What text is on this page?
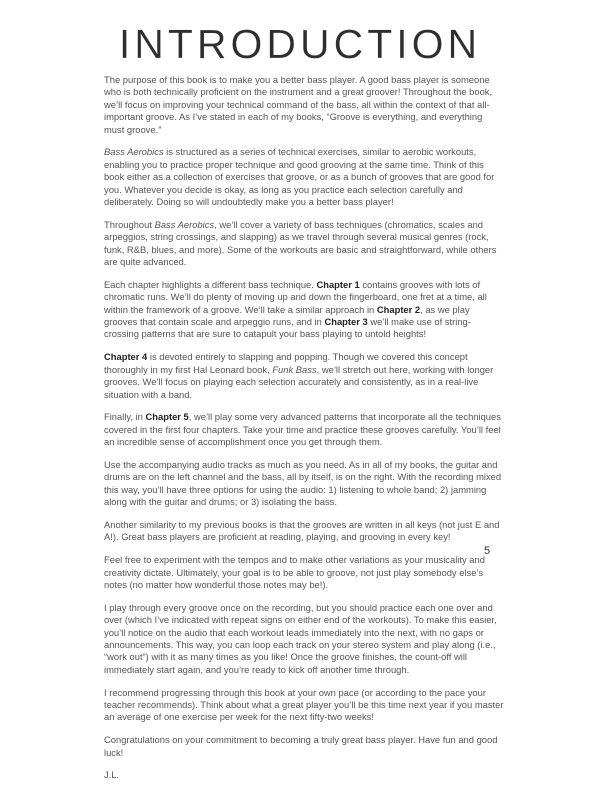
INTRODUCTION

The purpose of this book is to make you a better bass player. A good bass player is someone who is both technically proficient on the instrument and a great groover! Throughout the book, we’ll focus on improving your technical command of the bass, all within the context of that all-important groove. As I’ve stated in each of my books, “Groove is everything, and everything must groove.”

Bass Aerobics is structured as a series of technical exercises, similar to aerobic workouts, enabling you to practice proper technique and good grooving at the same time. Think of this book either as a collection of exercises that groove, or as a bunch of grooves that are good for you. Whatever you decide is okay, as long as you practice each selection carefully and deliberately. Doing so will undoubtedly make you a better bass player!

Throughout Bass Aerobics, we’ll cover a variety of bass techniques (chromatics, scales and arpeggios, string crossings, and slapping) as we travel through several musical genres (rock, funk, R&B, blues, and more). Some of the workouts are basic and straightforward, while others are quite advanced.

Each chapter highlights a different bass technique. Chapter 1 contains grooves with lots of chromatic runs. We’ll do plenty of moving up and down the fingerboard, one fret at a time, all within the framework of a groove. We’ll take a similar approach in Chapter 2, as we play grooves that contain scale and arpeggio runs, and in Chapter 3 we’ll make use of string-crossing patterns that are sure to catapult your bass playing to untold heights!

Chapter 4 is devoted entirely to slapping and popping. Though we covered this concept thoroughly in my first Hal Leonard book, Funk Bass, we’ll stretch out here, working with longer grooves. We’ll focus on playing each selection accurately and consistently, as in a real-live situation with a band.

Finally, in Chapter 5, we’ll play some very advanced patterns that incorporate all the techniques covered in the first four chapters. Take your time and practice these grooves carefully. You’ll feel an incredible sense of accomplishment once you get through them.

Use the accompanying audio tracks as much as you need. As in all of my books, the guitar and drums are on the left channel and the bass, all by itself, is on the right. With the recording mixed this way, you’ll have three options for using the audio: 1) listening to whole band; 2) jamming along with the guitar and drums; or 3) isolating the bass.

Another similarity to my previous books is that the grooves are written in all keys (not just E and A!). Great bass players are proficient at reading, playing, and grooving in every key!

Feel free to experiment with the tempos and to make other variations as your musicality and creativity dictate. Ultimately, your goal is to be able to groove, not just play somebody else’s notes (no matter how wonderful those notes may be!).

I play through every groove once on the recording, but you should practice each one over and over (which I’ve indicated with repeat signs on either end of the workouts). To make this easier, you’ll notice on the audio that each workout leads immediately into the next, with no gaps or announcements. This way, you can loop each track on your stereo system and play along (i.e., “work out”) with it as many times as you like! Once the groove finishes, the count-off will immediately start again, and you’re ready to kick off another time through.

I recommend progressing through this book at your own pace (or according to the pace your teacher recommends). Think about what a great player you’ll be this time next year if you master an average of one exercise per week for the next fifty-two weeks!

Congratulations on your commitment to becoming a truly great bass player. Have fun and good luck!

J.L.

5
